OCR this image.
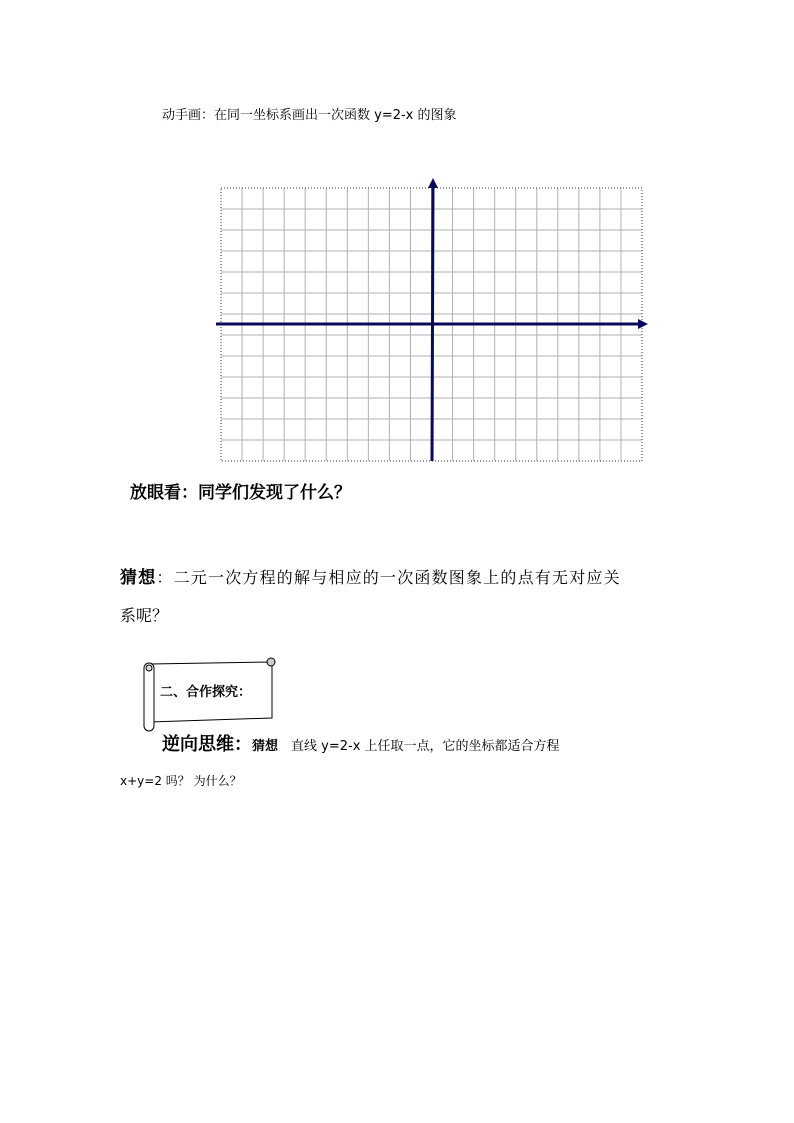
动手画：在同一坐标系画出一次函数 y=2-x 的图象
二、合作探究：
放眼看：同学们发现了什么？
猜想：二元一次方程的解与相应的一次函数图象上的点有无对应关
系呢？
逆向思维：猜想　直线 y=2-x 上任取一点，它的坐标都适合方程
x+y=2 吗？ 为什么？
